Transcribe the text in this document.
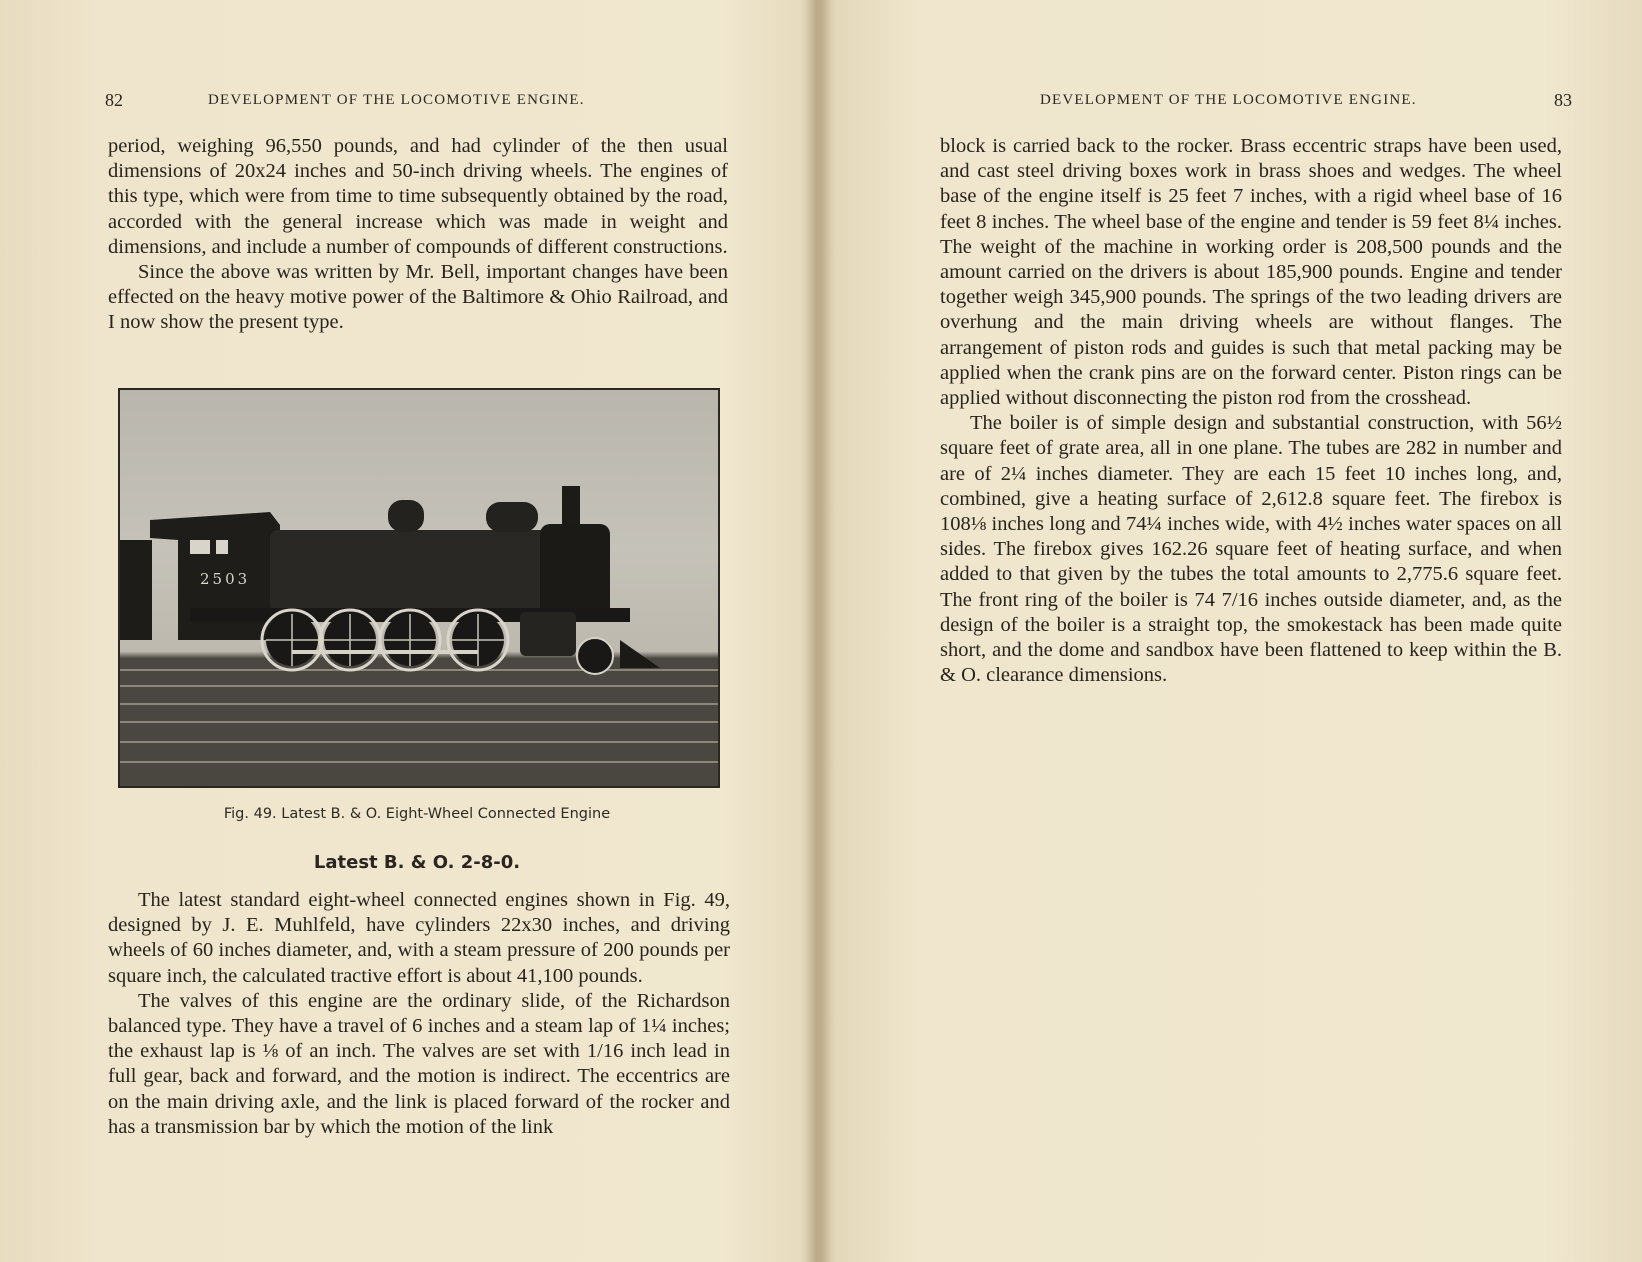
82	DEVELOPMENT OF THE LOCOMOTIVE ENGINE.

period, weighing 96,550 pounds, and had cylinder of the then usual dimensions of 20x24 inches and 50-inch driving wheels. The engines of this type, which were from time to time subsequently obtained by the road, accorded with the general increase which was made in weight and dimensions, and include a number of compounds of different constructions.

Since the above was written by Mr. Bell, important changes have been effected on the heavy motive power of the Baltimore & Ohio Railroad, and I now show the present type.

2503
Fig. 49. Latest B. & O. Eight-Wheel Connected Engine
Latest B. & O. 2-8-0.

The latest standard eight-wheel connected engines shown in Fig. 49, designed by J. E. Muhlfeld, have cylinders 22x30 inches, and driving wheels of 60 inches diameter, and, with a steam pressure of 200 pounds per square inch, the calculated tractive effort is about 41,100 pounds.

The valves of this engine are the ordinary slide, of the Richardson balanced type. They have a travel of 6 inches and a steam lap of 1¼ inches; the exhaust lap is ⅛ of an inch. The valves are set with 1/16 inch lead in full gear, back and forward, and the motion is indirect. The eccentrics are on the main driving axle, and the link is placed forward of the rocker and has a transmission bar by which the motion of the link

DEVELOPMENT OF THE LOCOMOTIVE ENGINE.	83

block is carried back to the rocker. Brass eccentric straps have been used, and cast steel driving boxes work in brass shoes and wedges. The wheel base of the engine itself is 25 feet 7 inches, with a rigid wheel base of 16 feet 8 inches. The wheel base of the engine and tender is 59 feet 8¼ inches. The weight of the machine in working order is 208,500 pounds and the amount carried on the drivers is about 185,900 pounds. Engine and tender together weigh 345,900 pounds. The springs of the two leading drivers are overhung and the main driving wheels are without flanges. The arrangement of piston rods and guides is such that metal packing may be applied when the crank pins are on the forward center. Piston rings can be applied without disconnecting the piston rod from the crosshead.

The boiler is of simple design and substantial construction, with 56½ square feet of grate area, all in one plane. The tubes are 282 in number and are of 2¼ inches diameter. They are each 15 feet 10 inches long, and, combined, give a heating surface of 2,612.8 square feet. The firebox is 108⅛ inches long and 74¼ inches wide, with 4½ inches water spaces on all sides. The firebox gives 162.26 square feet of heating surface, and when added to that given by the tubes the total amounts to 2,775.6 square feet. The front ring of the boiler is 74 7/16 inches outside diameter, and, as the design of the boiler is a straight top, the smokestack has been made quite short, and the dome and sandbox have been flattened to keep within the B. & O. clearance dimensions.
